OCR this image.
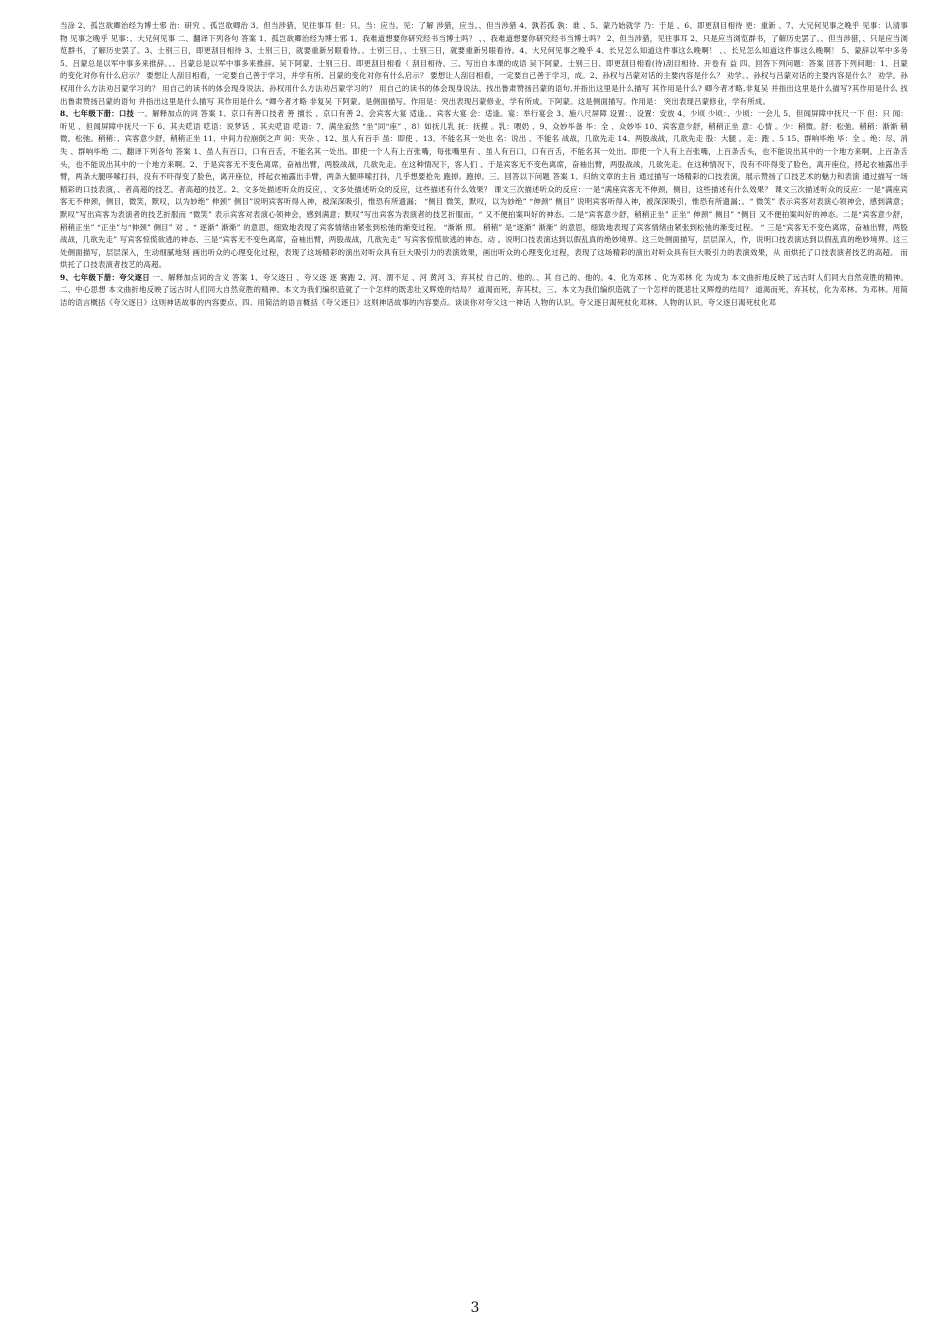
当涂 2、孤岂欲卿治经为博士邪 治：研究 、孤岂欲卿治 3、但当涉猎，见往事耳 但：只。当：应当。见：了解 涉猎，应当。、但当涉猎 4、孰若孤 孰：谁 、5、蒙乃始就学 乃：于是 、6、即更刮目相待 更：重新 、7、大兄何见事之晚乎 见事：认清事物 见事之晚乎 见事：、大兄何见事 二、翻译下列各句 答案 1、孤岂欲卿治经为博士邪 1、我难道想要你研究经书当博士吗？ 、、我难道想要你研究经书当博士吗？ 2、但当涉猎，见往事耳 2、只是应当浏览群书，了解历史罢了。、但当涉猎，、只是应当浏览群书，了解历史罢了。3、士别三日，即更刮目相待 3、士别三日，就要重新另眼看待。、士别三日，、士别三日，就要重新另眼看待。4、大兄何见事之晚乎 4、长兄怎么知道这件事这么晚啊！ 、、长兄怎么知道这件事这么晚啊！ 5、蒙辞以军中多务 5、吕蒙总是以军中事多来推辞。、、吕蒙总是以军中事多来推辞。吴下阿蒙、士别三日、即更刮目相看（ 刮目相待、三、写出自本课的成语 吴下阿蒙、士别三日、即更刮目相看(待)刮目相待、开卷有 益 四、回答下列问题：答案 回答下列问题：1、吕蒙的变化对你有什么启示？ 要想让人刮目相看，一定要自己善于学习，并学有所、吕蒙的变化对你有什么启示？ 要想让人刮目相看，一定要自己善于学习，成。2、孙权与吕蒙对话的主要内容是什么？ 劝学。、孙权与吕蒙对话的主要内容是什么？ 劝学。孙权用什么方法劝吕蒙学习的？ 用自己的读书的体会现身说法。孙权用什么方法劝吕蒙学习的？ 用自己的读书的体会现身说法。找出鲁肃赞扬吕蒙的语句,并指出这里是什么描写 其作用是什么? 卿今者才略,非复吴 并指出这里是什么描写?其作用是什么 找出鲁肃赞扬吕蒙的语句 并指出这里是什么描写 其作用是什么 “卿今者才略 非复吴 下阿蒙。是侧面描写。作用是：突出表现吕蒙修业，学有所成。下阿蒙。这是侧面描写。作用是： 突出表现吕蒙修业，学有所成。

8、七年级下册：口技 一、解释加点的词 答案 1、京口有善口技者 善 擅长 、京口有善 2、会宾客大宴 适逢。、宾客大宴 会：适逢。宴：举行宴会 3、施八尺屏障 设置：、设置：安放 4、少顷 少顷：、少顷：一会儿 5、但闻屏障中抚尺一下 但：只 闻：听见 、但闻屏障中抚尺一下 6、其夫呓语 呓语：说梦话 、其夫呓语 呓语：7、满坐寂然 “坐”同“座” 、8）如抚儿乳 抚：抚摸 。乳：喂奶 、9、众妙毕备 毕：全 、众妙毕 10、宾客意少舒，稍稍正坐 意：心情 。少：稍微。舒：松弛。稍稍：渐渐 稍微。松弛。稍稍：、宾客意少舒，稍稍正坐 11、中间力拉崩倒之声 间：夹杂 、12、虽人有百手 虽：即使 、13、不能名其一处也 名：说出 、不能名 战战，几欲先走 14、两股战战，几欲先走 股：大腿 。走：跑 、5 15、群响毕绝 毕：全 。绝：尽、消失 、群响毕绝 二、翻译下列各句 答案 1、虽人有百口，口有百舌，不能名其一处出。即使一个人有上百张嘴，每张嘴里有 、虽人有百口，口有百舌，不能名其一处出。即使一个人有上百张嘴，上百条舌头，也不能说出其中的一个地方来啊。上百条舌头，也不能说出其中的一个地方来啊。2、于是宾客无不变色离席，奋袖出臂，两股战战，几欲先走。在这种情况下，客人们 、于是宾客无不变色离席，奋袖出臂，两股战战，几欲先走。在这种情况下，没有不吓得变了脸色，离开座位，捋起衣袖露出手臂，两条大腿哆嗦打抖，没有不吓得变了脸色，离开座位，捋起衣袖露出手臂，两条大腿哆嗦打抖，几乎想要抢先 跑掉。跑掉。三、回答以下问题 答案 1、归纳文章的主旨 通过描写一场精彩的口技表演，展示赞扬了口技艺术的魅力和表演 通过描写一场精彩的口技表演，、者高超的技艺。者高超的技艺。2、文多处描述听众的反应，、文多处描述听众的反应，这些描述有什么效果？ 课文三次描述听众的反应：一是“满座宾客无不伸颈，侧目，这些描述有什么效果？ 课文三次描述听众的反应：一是“满座宾客无不伸颈，侧目，微笑，默叹，以为妙绝” 伸颈” 侧目”说明宾客听得入神，被深深吸引，惟恐有所遗漏； “侧目 微笑，默叹，以为妙绝” “伸颈” 侧目” 说明宾客听得入神，被深深吸引，惟恐有所遗漏；。“ 微笑” 表示宾客对表演心领神会，感到满意；默叹”写出宾客为表演者的技艺折服而 “微笑” 表示宾客对表演心领神会，感到满意；默叹”写出宾客为表演者的技艺折服而，“ 又不便拍案叫好的神态。二是“宾客意少舒，稍稍正坐” 正坐” 伸颈” 侧目” “侧目 又不便拍案叫好的神态。二是“宾客意少舒，稍稍正坐” “正坐”与“伸颈” 侧目” 对 。“ 逐渐” 渐渐” 的意思，细致地表现了宾客情绪由紧张到松弛的渐变过程。 “渐渐 照。 稍稍” 是“逐渐” 渐渐” 的意思，细致地表现了宾客情绪由紧张到松弛的渐变过程。 “ 三是“宾客无不变色离席，奋袖出臂，两股战战，几欲先走” 写宾客惊慌欲逃的神态、三是“宾客无不变色离席，奋袖出臂，两股战战，几欲先走” 写宾客惊慌欲逃的神态、动 。说明口技表演达到以假乱真的绝妙境界。这三处侧面描写，层层深入，作，说明口技表演达到以假乱真的绝妙境界。这三处侧面描写，层层深入，生动细腻地刻 画出听众的心理变化过程，表现了这场精彩的演出对听众具有巨大吸引力的表演效果，画出听众的心理变化过程，表现了这场精彩的演出对听众具有巨大吸引力的表演效果，从 而烘托了口技表演者技艺的高超。 而烘托了口技表演者技艺的高超。

9、七年级下册：夸父逐日 一、解释加点词的含义 答案 1、夸父逐日 、夸父逐 逐 赛跑 2、河、渭不足 、河 黄河 3、弃其杖 自己的、他的。、其 自己的、他的。4、化为邓林 、化为邓林 化 为成为 本文曲折地反映了远古时人们同大自然竞胜的精神。二、中心思想 本文曲折地反映了远古时人们同大自然竞胜的精神。本文为我们编织造就了一个怎样的既悲壮又辉煌的结局？ 道渴而死，弃其杖，三、本文为我们编织造就了一个怎样的既悲壮又辉煌的结局？ 道渴而死，弃其杖，化为邓林。为邓林。用简洁的语言概括《夸父逐日》这则神话故事的内容要点。四、用简洁的语言概括《夸父逐日》这则神话故事的内容要点。谈谈你对夸父这一神话 人物的认识。夸父逐日渴死杖化邓林。人物的认识。夸父逐日渴死杖化邓

3
